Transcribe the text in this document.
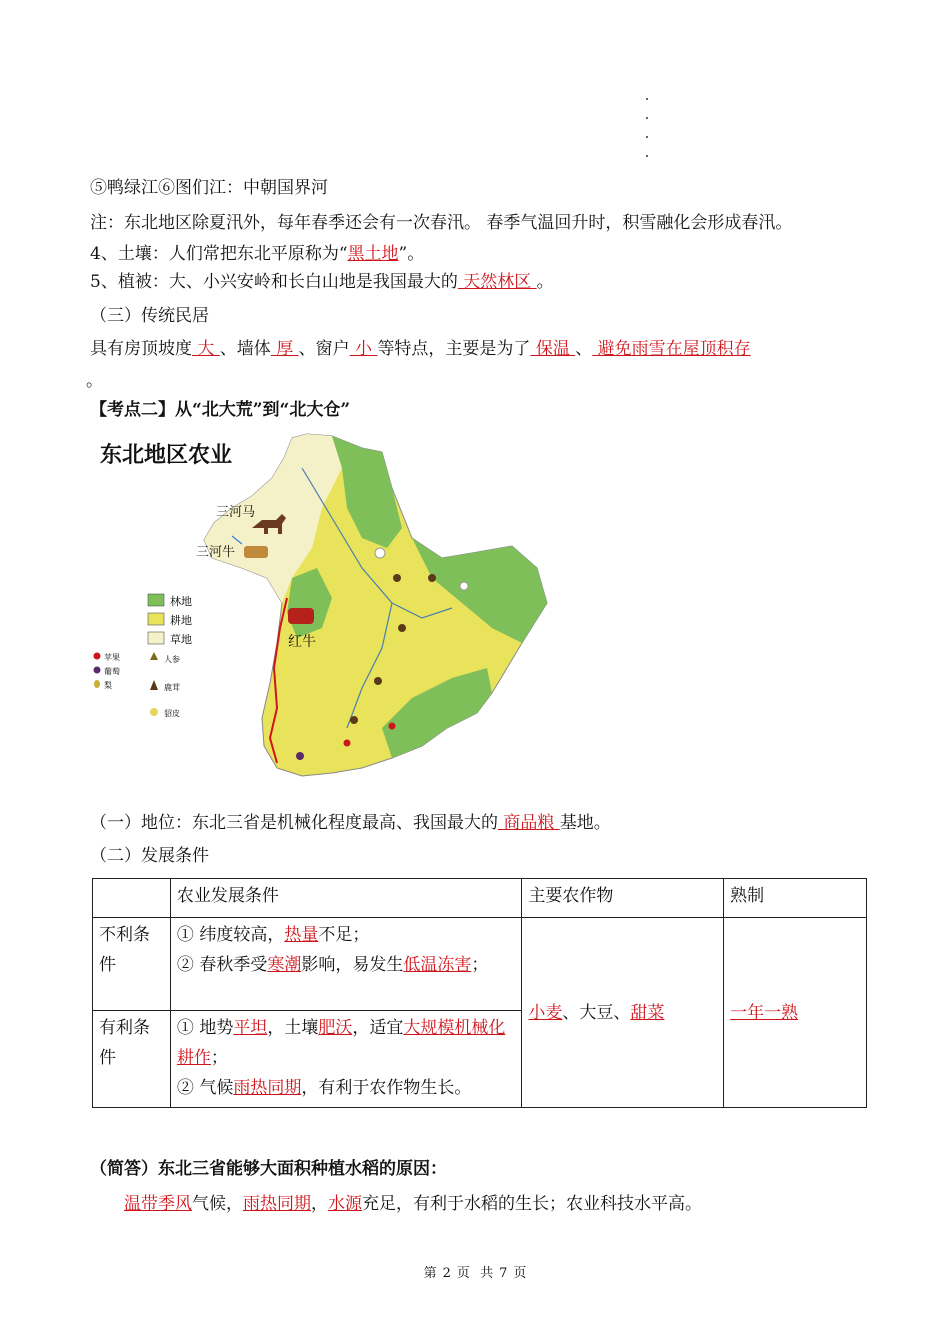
⑤鸭绿江⑥图们江：中朝国界河
注：东北地区除夏汛外，每年春季还会有一次春汛。 春季气温回升时，积雪融化会形成春汛。
4、土壤：人们常把东北平原称为“黑土地”。
5、植被：大、小兴安岭和长白山地是我国最大的 天然林区 。
（三）传统民居
具有房顶坡度 大 、墙体 厚 、窗户 小 等特点，主要是为了 保温 、 避免雨雪在屋顶积存
。
【考点二】从“北大荒”到“北大仓”
东北地区农业
三河马
三河牛
红牛
林地
耕地
草地
苹果
葡萄
梨
人参
鹿茸
貂皮
（一）地位：东北三省是机械化程度最高、我国最大的 商品粮 基地。
（二）发展条件
	农业发展条件	主要农作物	熟制
不利条件	① 纬度较高，热量不足；
② 春秋季受寒潮影响，易发生低温冻害；	小麦、大豆、甜菜	一年一熟
有利条件	① 地势平坦，土壤肥沃，适宜大规模机械化耕作；
② 气候雨热同期，有利于农作物生长。		
（简答）东北三省能够大面积种植水稻的原因：
温带季风气候，雨热同期，水源充足，有利于水稻的生长；农业科技水平高。
第 2 页 共 7 页
